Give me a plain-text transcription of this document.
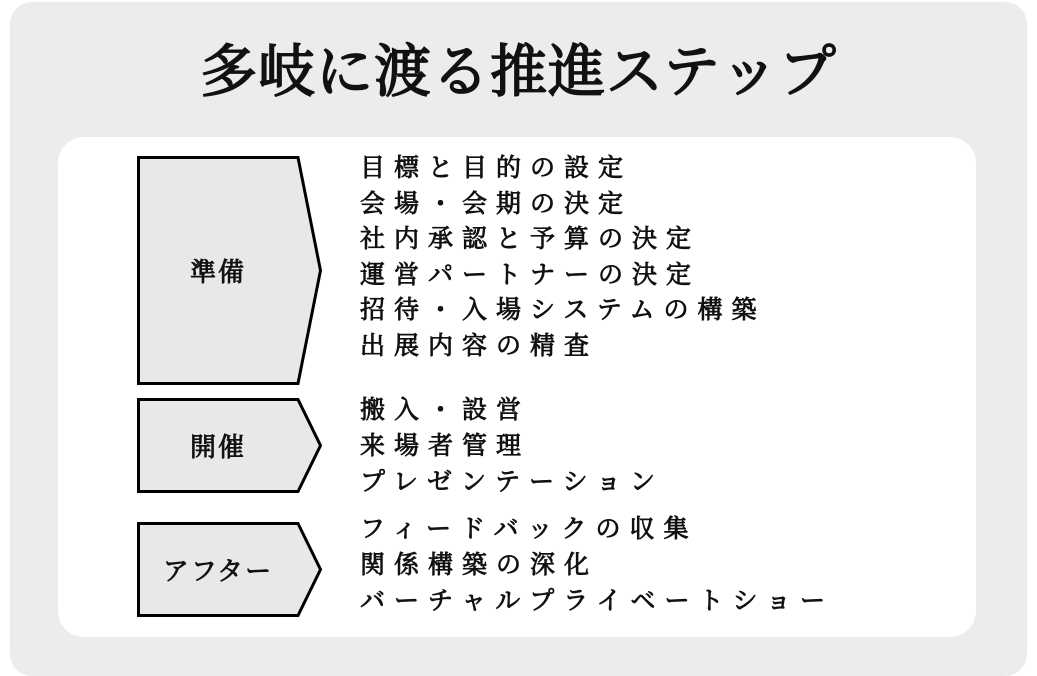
多岐に渡る推進ステップ
準備
目標と目的の設定
会場・会期の決定
社内承認と予算の決定
運営パートナーの決定
招待・入場システムの構築
出展内容の精査
開催
搬入・設営
来場者管理
プレゼンテーション
アフター
フィードバックの収集
関係構築の深化
バーチャルプライベートショー
